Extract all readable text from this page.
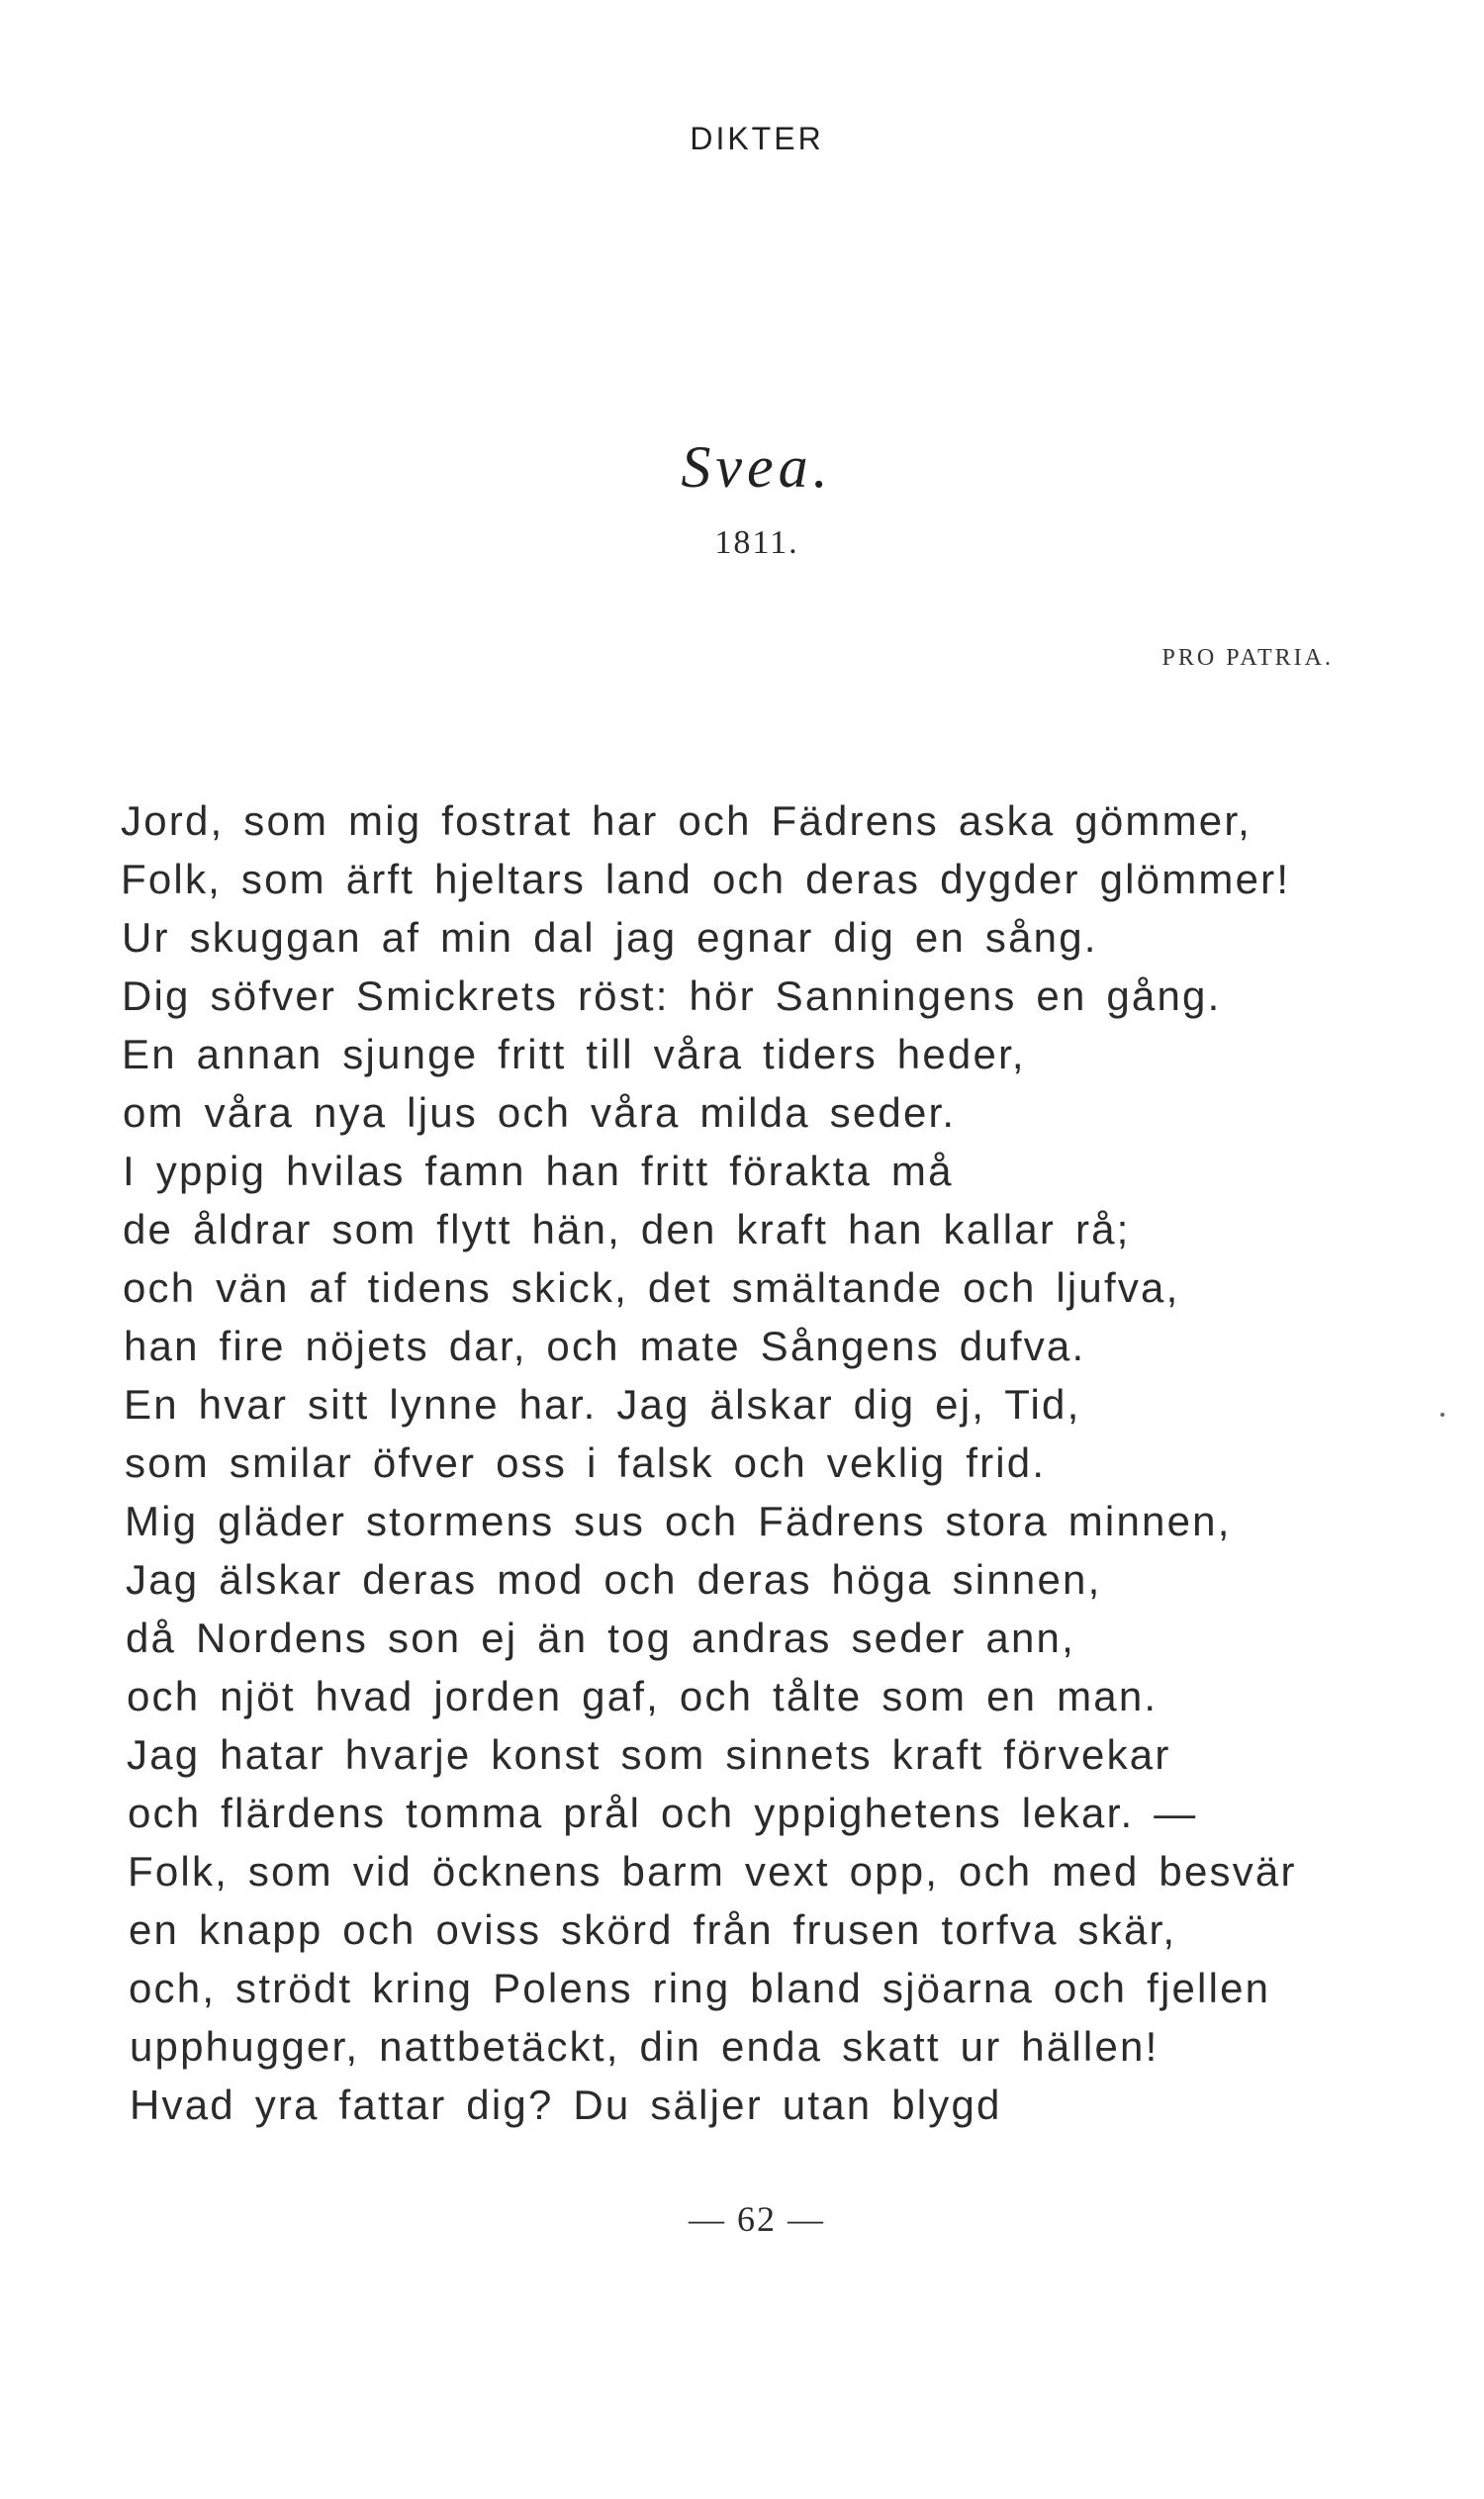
DIKTER
Svea.
1811.
PRO PATRIA.
Jord, som mig fostrat har och Fädrens aska gömmer,
Folk, som ärft hjeltars land och deras dygder glömmer!
Ur skuggan af min dal jag egnar dig en sång.
Dig söfver Smickrets röst: hör Sanningens en gång.
En annan sjunge fritt till våra tiders heder,
om våra nya ljus och våra milda seder.
I yppig hvilas famn han fritt förakta må
de åldrar som flytt hän, den kraft han kallar rå;
och vän af tidens skick, det smältande och ljufva,
han fire nöjets dar, och mate Sångens dufva.
En hvar sitt lynne har. Jag älskar dig ej, Tid,
som smilar öfver oss i falsk och veklig frid.
Mig gläder stormens sus och Fädrens stora minnen,
Jag älskar deras mod och deras höga sinnen,
då Nordens son ej än tog andras seder ann,
och njöt hvad jorden gaf, och tålte som en man.
Jag hatar hvarje konst som sinnets kraft förvekar
och flärdens tomma prål och yppighetens lekar. —
Folk, som vid öcknens barm vext opp, och med besvär
en knapp och oviss skörd från frusen torfva skär,
och, strödt kring Polens ring bland sjöarna och fjellen
upphugger, nattbetäckt, din enda skatt ur hällen!
Hvad yra fattar dig? Du säljer utan blygd
— 62 —
